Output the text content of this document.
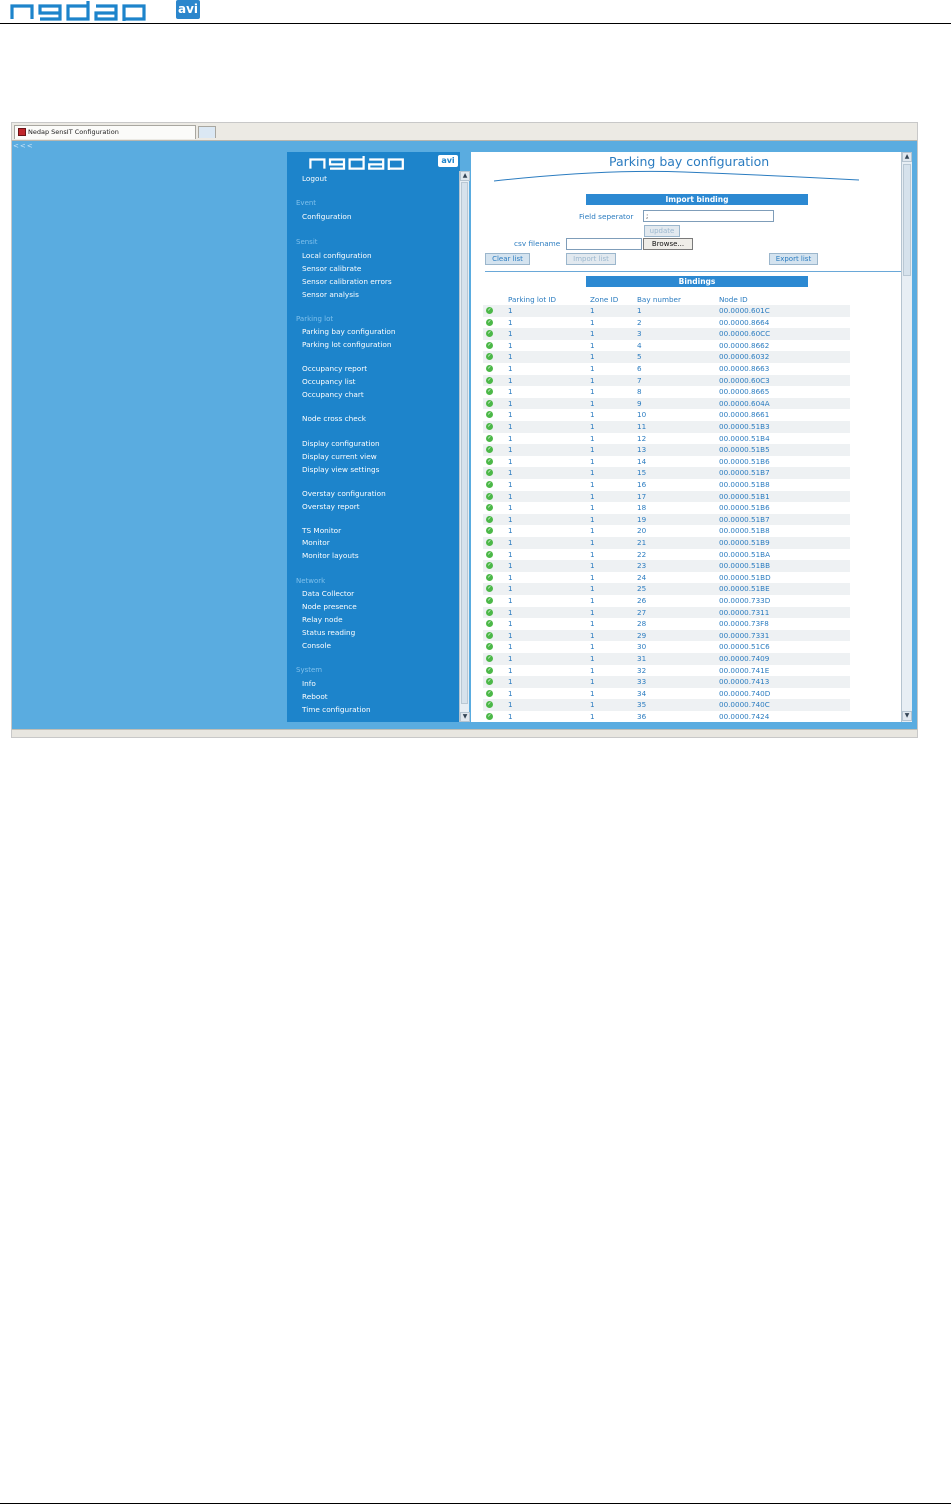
avi
Nedap SensIT Configuration
<<<
avi
Logout
Event
Configuration
Sensit
Local configuration
Sensor calibrate
Sensor calibration errors
Sensor analysis
Parking lot
Parking bay configuration
Parking lot configuration
Occupancy report
Occupancy list
Occupancy chart
Node cross check
Display configuration
Display current view
Display view settings
Overstay configuration
Overstay report
TS Monitor
Monitor
Monitor layouts
Network
Data Collector
Node presence
Relay node
Status reading
Console
System
Info
Reboot
Time configuration
▲
▼
Parking bay configuration
Import binding
Field seperator	;
update
csv filename	Browse...
Clear list	Import list	Export list
Bindings
Parking lot ID	Zone ID	Bay number	Node ID
✓ 1	1	1	00.0000.601C
✓ 1	1	2	00.0000.8664
✓ 1	1	3	00.0000.60CC
✓ 1	1	4	00.0000.8662
✓ 1	1	5	00.0000.6032
✓ 1	1	6	00.0000.8663
✓ 1	1	7	00.0000.60C3
✓ 1	1	8	00.0000.8665
✓ 1	1	9	00.0000.604A
✓ 1	1	10	00.0000.8661
✓ 1	1	11	00.0000.51B3
✓ 1	1	12	00.0000.51B4
✓ 1	1	13	00.0000.51B5
✓ 1	1	14	00.0000.51B6
✓ 1	1	15	00.0000.51B7
✓ 1	1	16	00.0000.51B8
✓ 1	1	17	00.0000.51B1
✓ 1	1	18	00.0000.51B6
✓ 1	1	19	00.0000.51B7
✓ 1	1	20	00.0000.51B8
✓ 1	1	21	00.0000.51B9
✓ 1	1	22	00.0000.51BA
✓ 1	1	23	00.0000.51BB
✓ 1	1	24	00.0000.51BD
✓ 1	1	25	00.0000.51BE
✓ 1	1	26	00.0000.733D
✓ 1	1	27	00.0000.7311
✓ 1	1	28	00.0000.73F8
✓ 1	1	29	00.0000.7331
✓ 1	1	30	00.0000.51C6
✓ 1	1	31	00.0000.7409
✓ 1	1	32	00.0000.741E
✓ 1	1	33	00.0000.7413
✓ 1	1	34	00.0000.740D
✓ 1	1	35	00.0000.740C
✓ 1	1	36	00.0000.7424
▲
▼
